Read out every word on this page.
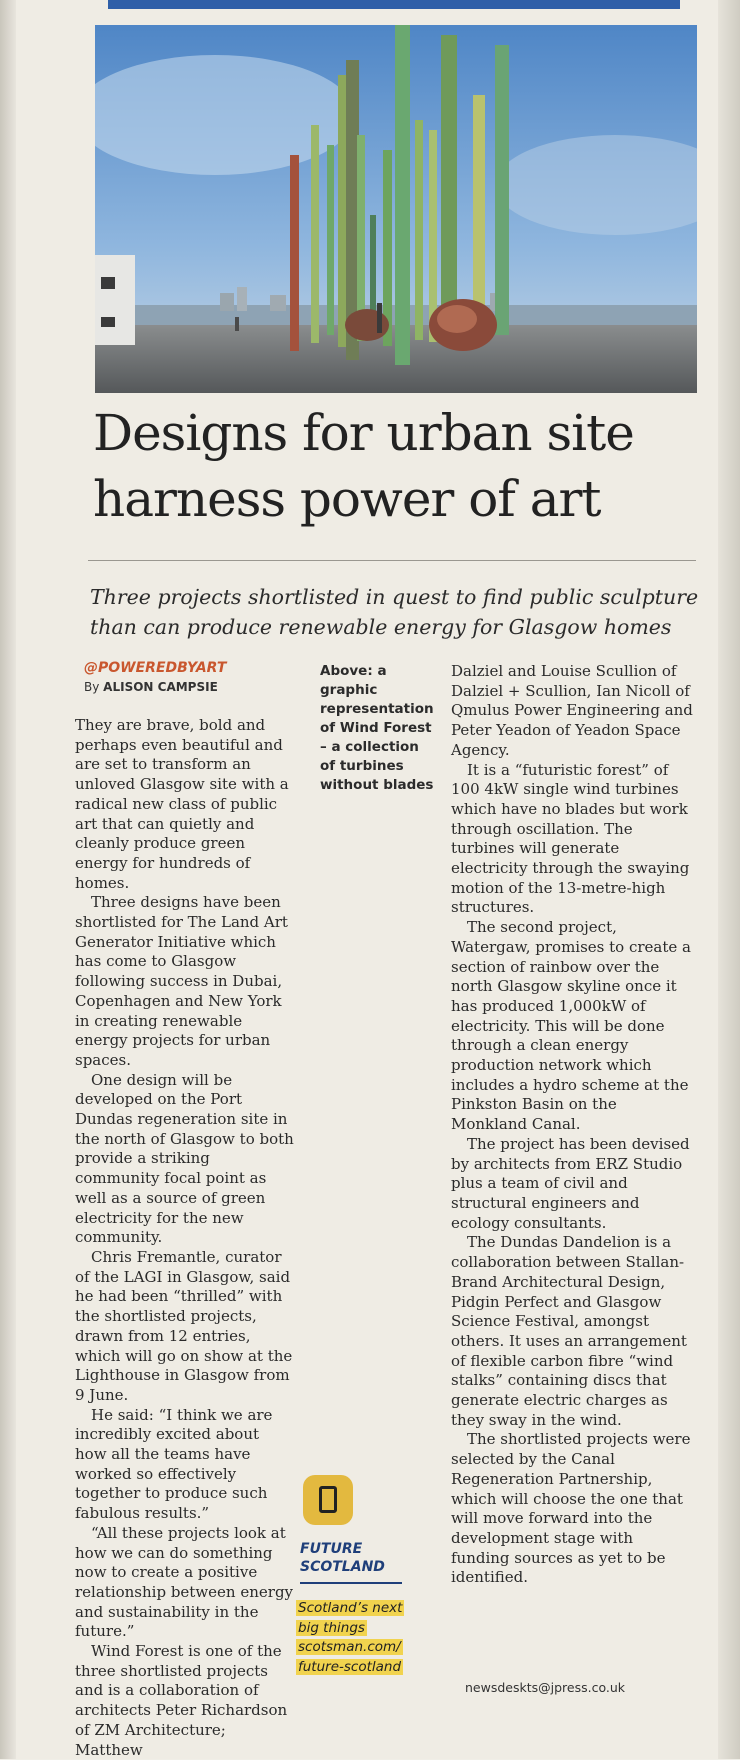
Designs for urban site harness power of art

Three projects shortlisted in quest to find public sculpture than can produce renewable energy for Glasgow homes

@POWEREDBYART
By ALISON CAMPSIE

They are brave, bold and perhaps even beautiful and are set to transform an unloved Glasgow site with a radical new class of public art that can quietly and cleanly produce green energy for hundreds of homes.

Three designs have been shortlisted for The Land Art Generator Initiative which has come to Glasgow following success in Dubai, Copenhagen and New York in creating renewable energy projects for urban spaces.

One design will be developed on the Port Dundas regeneration site in the north of Glasgow to both provide a striking community focal point as well as a source of green electricity for the new community.

Chris Fremantle, curator of the LAGI in Glasgow, said he had been “thrilled” with the shortlisted projects, drawn from 12 entries, which will go on show at the Lighthouse in Glasgow from 9 June.

He said: “I think we are incredibly excited about how all the teams have worked so effectively together to produce such fabulous results.”

“All these projects look at how we can do something now to create a positive relationship between energy and sustainability in the future.”

Wind Forest is one of the three shortlisted projects and is a collaboration of architects Peter Richardson of ZM Architecture; Matthew

Above: a graphic representation of Wind Forest – a collection of turbines without blades
FUTURE
SCOTLAND
Scotland’s next big things scotsman.com/ future-scotland

Dalziel and Louise Scullion of Dalziel + Scullion, Ian Nicoll of Qmulus Power Engineering and Peter Yeadon of Yeadon Space Agency.

It is a “futuristic forest” of 100 4kW single wind turbines which have no blades but work through oscillation. The turbines will generate electricity through the swaying motion of the 13-metre-high structures.

The second project, Watergaw, promises to create a section of rainbow over the north Glasgow skyline once it has produced 1,000kW of electricity. This will be done through a clean energy production network which includes a hydro scheme at the Pinkston Basin on the Monkland Canal.

The project has been devised by architects from ERZ Studio plus a team of civil and structural engineers and ecology consultants.

The Dundas Dandelion is a collaboration between Stallan-Brand Architectural Design, Pidgin Perfect and Glasgow Science Festival, amongst others. It uses an arrangement of flexible carbon fibre “wind stalks” containing discs that generate electric charges as they sway in the wind.

The shortlisted projects were selected by the Canal Regeneration Partnership, which will choose the one that will move forward into the development stage with funding sources as yet to be identified.

newsdeskts@jpress.co.uk
